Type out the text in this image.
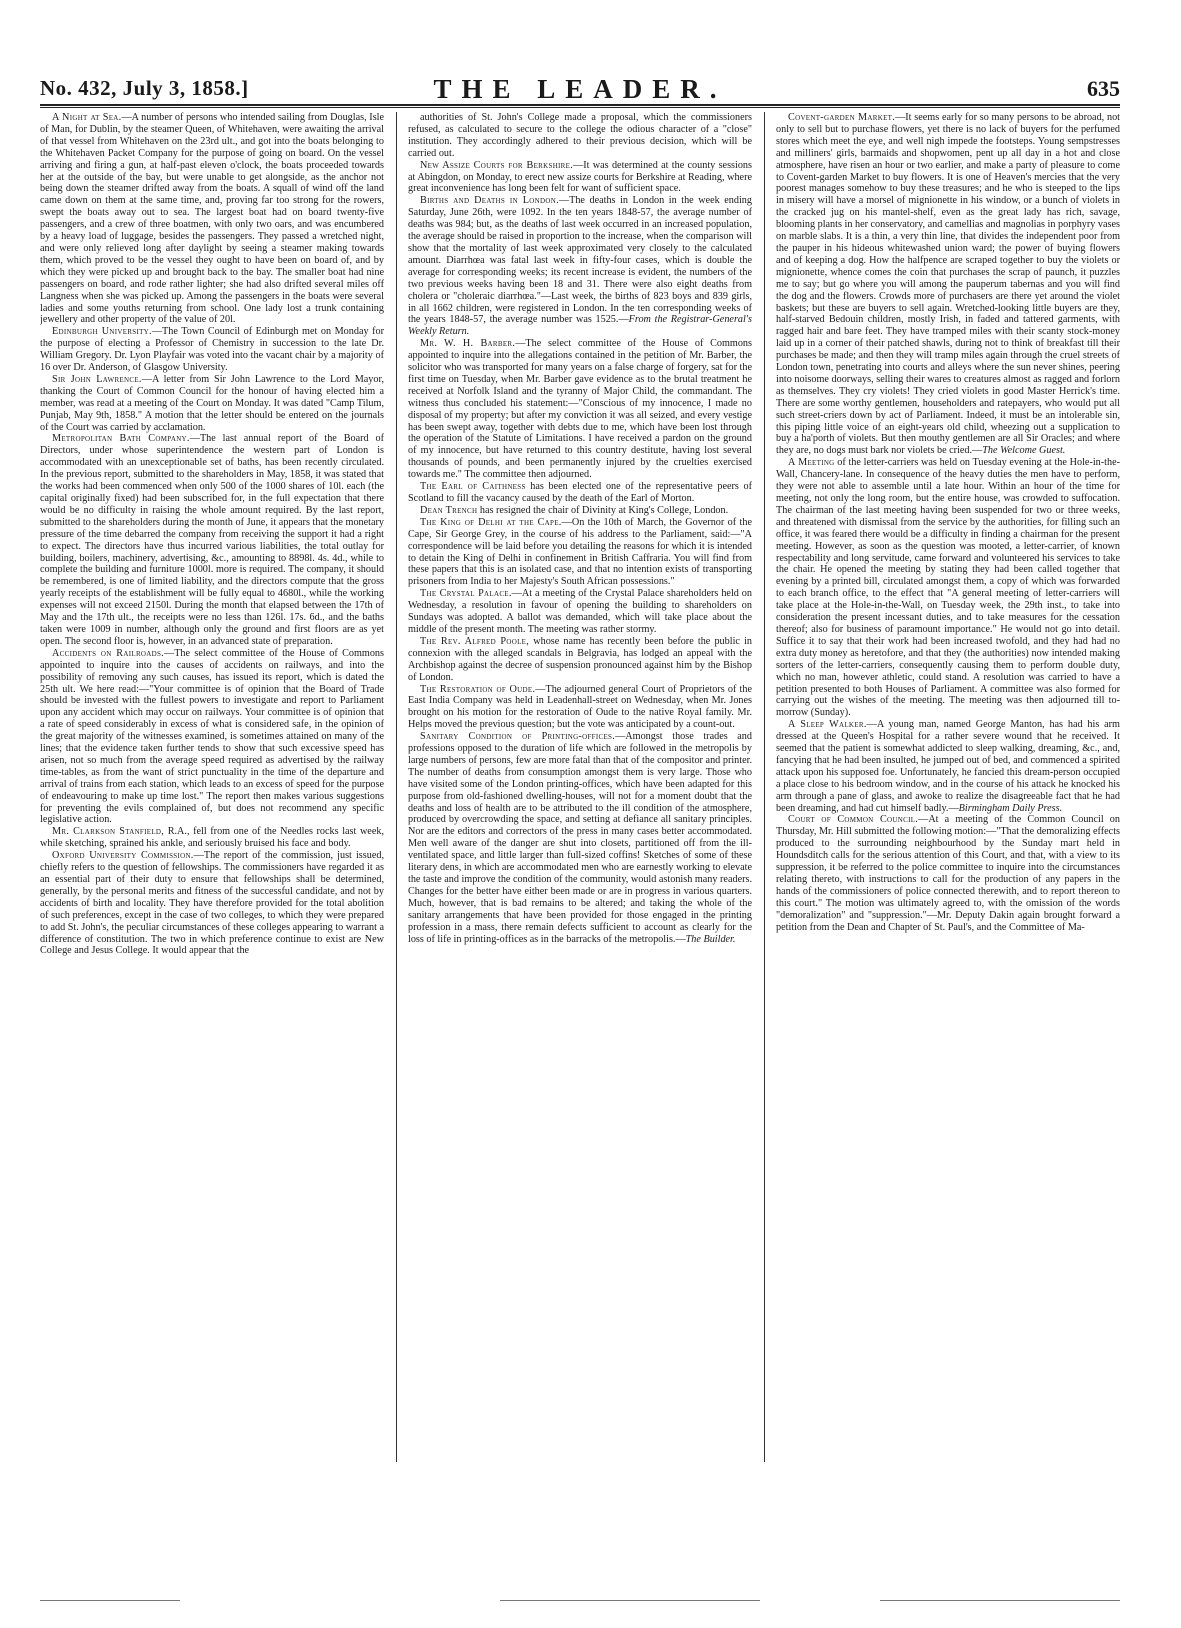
No. 432, July 3, 1858.]	THE LEADER.	635

A Night at Sea.—A number of persons who intended sailing from Douglas, Isle of Man, for Dublin, by the steamer Queen, of Whitehaven, were awaiting the arrival of that vessel from Whitehaven on the 23rd ult., and got into the boats belonging to the Whitehaven Packet Company for the purpose of going on board. On the vessel arriving and firing a gun, at half-past eleven o'clock, the boats proceeded towards her at the outside of the bay, but were unable to get alongside, as the anchor not being down the steamer drifted away from the boats. A squall of wind off the land came down on them at the same time, and, proving far too strong for the rowers, swept the boats away out to sea. The largest boat had on board twenty-five passengers, and a crew of three boatmen, with only two oars, and was encumbered by a heavy load of luggage, besides the passengers. They passed a wretched night, and were only relieved long after daylight by seeing a steamer making towards them, which proved to be the vessel they ought to have been on board of, and by which they were picked up and brought back to the bay. The smaller boat had nine passengers on board, and rode rather lighter; she had also drifted several miles off Langness when she was picked up. Among the passengers in the boats were several ladies and some youths returning from school. One lady lost a trunk containing jewellery and other property of the value of 20l.

Edinburgh University.—The Town Council of Edinburgh met on Monday for the purpose of electing a Professor of Chemistry in succession to the late Dr. William Gregory. Dr. Lyon Playfair was voted into the vacant chair by a majority of 16 over Dr. Anderson, of Glasgow University.

Sir John Lawrence.—A letter from Sir John Lawrence to the Lord Mayor, thanking the Court of Common Council for the honour of having elected him a member, was read at a meeting of the Court on Monday. It was dated "Camp Tilum, Punjab, May 9th, 1858." A motion that the letter should be entered on the journals of the Court was carried by acclamation.

Metropolitan Bath Company.—The last annual report of the Board of Directors, under whose superintendence the western part of London is accommodated with an unexceptionable set of baths, has been recently circulated. In the previous report, submitted to the shareholders in May, 1858, it was stated that the works had been commenced when only 500 of the 1000 shares of 10l. each (the capital originally fixed) had been subscribed for, in the full expectation that there would be no difficulty in raising the whole amount required. By the last report, submitted to the shareholders during the month of June, it appears that the monetary pressure of the time debarred the company from receiving the support it had a right to expect. The directors have thus incurred various liabilities, the total outlay for building, boilers, machinery, advertising, &c., amounting to 8898l. 4s. 4d., while to complete the building and furniture 1000l. more is required. The company, it should be remembered, is one of limited liability, and the directors compute that the gross yearly receipts of the establishment will be fully equal to 4680l., while the working expenses will not exceed 2150l. During the month that elapsed between the 17th of May and the 17th ult., the receipts were no less than 126l. 17s. 6d., and the baths taken were 1009 in number, although only the ground and first floors are as yet open. The second floor is, however, in an advanced state of preparation.

Accidents on Railroads.—The select committee of the House of Commons appointed to inquire into the causes of accidents on railways, and into the possibility of removing any such causes, has issued its report, which is dated the 25th ult. We here read:—"Your committee is of opinion that the Board of Trade should be invested with the fullest powers to investigate and report to Parliament upon any accident which may occur on railways. Your committee is of opinion that a rate of speed considerably in excess of what is considered safe, in the opinion of the great majority of the witnesses examined, is sometimes attained on many of the lines; that the evidence taken further tends to show that such excessive speed has arisen, not so much from the average speed required as advertised by the railway time-tables, as from the want of strict punctuality in the time of the departure and arrival of trains from each station, which leads to an excess of speed for the purpose of endeavouring to make up time lost." The report then makes various suggestions for preventing the evils complained of, but does not recommend any specific legislative action.

Mr. Clarkson Stanfield, R.A., fell from one of the Needles rocks last week, while sketching, sprained his ankle, and seriously bruised his face and body.

Oxford University Commission.—The report of the commission, just issued, chiefly refers to the question of fellowships. The commissioners have regarded it as an essential part of their duty to ensure that fellowships shall be determined, generally, by the personal merits and fitness of the successful candidate, and not by accidents of birth and locality. They have therefore provided for the total abolition of such preferences, except in the case of two colleges, to which they were prepared to add St. John's, the peculiar circumstances of these colleges appearing to warrant a difference of constitution. The two in which preference continue to exist are New College and Jesus College. It would appear that the

authorities of St. John's College made a proposal, which the commissioners refused, as calculated to secure to the college the odious character of a "close" institution. They accordingly adhered to their previous decision, which will be carried out.

New Assize Courts for Berkshire.—It was determined at the county sessions at Abingdon, on Monday, to erect new assize courts for Berkshire at Reading, where great inconvenience has long been felt for want of sufficient space.

Births and Deaths in London.—The deaths in London in the week ending Saturday, June 26th, were 1092. In the ten years 1848-57, the average number of deaths was 984; but, as the deaths of last week occurred in an increased population, the average should be raised in proportion to the increase, when the comparison will show that the mortality of last week approximated very closely to the calculated amount. Diarrhœa was fatal last week in fifty-four cases, which is double the average for corresponding weeks; its recent increase is evident, the numbers of the two previous weeks having been 18 and 31. There were also eight deaths from cholera or "choleraic diarrhœa."—Last week, the births of 823 boys and 839 girls, in all 1662 children, were registered in London. In the ten corresponding weeks of the years 1848-57, the average number was 1525.—From the Registrar-General's Weekly Return.

Mr. W. H. Barber.—The select committee of the House of Commons appointed to inquire into the allegations contained in the petition of Mr. Barber, the solicitor who was transported for many years on a false charge of forgery, sat for the first time on Tuesday, when Mr. Barber gave evidence as to the brutal treatment he received at Norfolk Island and the tyranny of Major Child, the commandant. The witness thus concluded his statement:—"Conscious of my innocence, I made no disposal of my property; but after my conviction it was all seized, and every vestige has been swept away, together with debts due to me, which have been lost through the operation of the Statute of Limitations. I have received a pardon on the ground of my innocence, but have returned to this country destitute, having lost several thousands of pounds, and been permanently injured by the cruelties exercised towards me." The committee then adjourned.

The Earl of Caithness has been elected one of the representative peers of Scotland to fill the vacancy caused by the death of the Earl of Morton.

Dean Trench has resigned the chair of Divinity at King's College, London.

The King of Delhi at the Cape.—On the 10th of March, the Governor of the Cape, Sir George Grey, in the course of his address to the Parliament, said:—"A correspondence will be laid before you detailing the reasons for which it is intended to detain the King of Delhi in confinement in British Caffraria. You will find from these papers that this is an isolated case, and that no intention exists of transporting prisoners from India to her Majesty's South African possessions."

The Crystal Palace.—At a meeting of the Crystal Palace shareholders held on Wednesday, a resolution in favour of opening the building to shareholders on Sundays was adopted. A ballot was demanded, which will take place about the middle of the present month. The meeting was rather stormy.

The Rev. Alfred Poole, whose name has recently been before the public in connexion with the alleged scandals in Belgravia, has lodged an appeal with the Archbishop against the decree of suspension pronounced against him by the Bishop of London.

The Restoration of Oude.—The adjourned general Court of Proprietors of the East India Company was held in Leadenhall-street on Wednesday, when Mr. Jones brought on his motion for the restoration of Oude to the native Royal family. Mr. Helps moved the previous question; but the vote was anticipated by a count-out.

Sanitary Condition of Printing-offices.—Amongst those trades and professions opposed to the duration of life which are followed in the metropolis by large numbers of persons, few are more fatal than that of the compositor and printer. The number of deaths from consumption amongst them is very large. Those who have visited some of the London printing-offices, which have been adapted for this purpose from old-fashioned dwelling-houses, will not for a moment doubt that the deaths and loss of health are to be attributed to the ill condition of the atmosphere, produced by overcrowding the space, and setting at defiance all sanitary principles. Nor are the editors and correctors of the press in many cases better accommodated. Men well aware of the danger are shut into closets, partitioned off from the ill-ventilated space, and little larger than full-sized coffins! Sketches of some of these literary dens, in which are accommodated men who are earnestly working to elevate the taste and improve the condition of the community, would astonish many readers. Changes for the better have either been made or are in progress in various quarters. Much, however, that is bad remains to be altered; and taking the whole of the sanitary arrangements that have been provided for those engaged in the printing profession in a mass, there remain defects sufficient to account as clearly for the loss of life in printing-offices as in the barracks of the metropolis.—The Builder.

Covent-garden Market.—It seems early for so many persons to be abroad, not only to sell but to purchase flowers, yet there is no lack of buyers for the perfumed stores which meet the eye, and well nigh impede the footsteps. Young sempstresses and milliners' girls, barmaids and shopwomen, pent up all day in a hot and close atmosphere, have risen an hour or two earlier, and make a party of pleasure to come to Covent-garden Market to buy flowers. It is one of Heaven's mercies that the very poorest manages somehow to buy these treasures; and he who is steeped to the lips in misery will have a morsel of mignionette in his window, or a bunch of violets in the cracked jug on his mantel-shelf, even as the great lady has rich, savage, blooming plants in her conservatory, and camellias and magnolias in porphyry vases on marble slabs. It is a thin, a very thin line, that divides the independent poor from the pauper in his hideous whitewashed union ward; the power of buying flowers and of keeping a dog. How the halfpence are scraped together to buy the violets or mignionette, whence comes the coin that purchases the scrap of paunch, it puzzles me to say; but go where you will among the pauperum tabernas and you will find the dog and the flowers. Crowds more of purchasers are there yet around the violet baskets; but these are buyers to sell again. Wretched-looking little buyers are they, half-starved Bedouin children, mostly Irish, in faded and tattered garments, with ragged hair and bare feet. They have tramped miles with their scanty stock-money laid up in a corner of their patched shawls, during not to think of breakfast till their purchases be made; and then they will tramp miles again through the cruel streets of London town, penetrating into courts and alleys where the sun never shines, peering into noisome doorways, selling their wares to creatures almost as ragged and forlorn as themselves. They cry violets! They cried violets in good Master Herrick's time. There are some worthy gentlemen, householders and ratepayers, who would put all such street-criers down by act of Parliament. Indeed, it must be an intolerable sin, this piping little voice of an eight-years old child, wheezing out a supplication to buy a ha'porth of violets. But then mouthy gentlemen are all Sir Oracles; and where they are, no dogs must bark nor violets be cried.—The Welcome Guest.

A Meeting of the letter-carriers was held on Tuesday evening at the Hole-in-the-Wall, Chancery-lane. In consequence of the heavy duties the men have to perform, they were not able to assemble until a late hour. Within an hour of the time for meeting, not only the long room, but the entire house, was crowded to suffocation. The chairman of the last meeting having been suspended for two or three weeks, and threatened with dismissal from the service by the authorities, for filling such an office, it was feared there would be a difficulty in finding a chairman for the present meeting. However, as soon as the question was mooted, a letter-carrier, of known respectability and long servitude, came forward and volunteered his services to take the chair. He opened the meeting by stating they had been called together that evening by a printed bill, circulated amongst them, a copy of which was forwarded to each branch office, to the effect that "A general meeting of letter-carriers will take place at the Hole-in-the-Wall, on Tuesday week, the 29th inst., to take into consideration the present incessant duties, and to take measures for the cessation thereof; also for business of paramount importance." He would not go into detail. Suffice it to say that their work had been increased twofold, and they had had no extra duty money as heretofore, and that they (the authorities) now intended making sorters of the letter-carriers, consequently causing them to perform double duty, which no man, however athletic, could stand. A resolution was carried to have a petition presented to both Houses of Parliament. A committee was also formed for carrying out the wishes of the meeting. The meeting was then adjourned till to-morrow (Sunday).

A Sleep Walker.—A young man, named George Manton, has had his arm dressed at the Queen's Hospital for a rather severe wound that he received. It seemed that the patient is somewhat addicted to sleep walking, dreaming, &c., and, fancying that he had been insulted, he jumped out of bed, and commenced a spirited attack upon his supposed foe. Unfortunately, he fancied this dream-person occupied a place close to his bedroom window, and in the course of his attack he knocked his arm through a pane of glass, and awoke to realize the disagreeable fact that he had been dreaming, and had cut himself badly.—Birmingham Daily Press.

Court of Common Council.—At a meeting of the Common Council on Thursday, Mr. Hill submitted the following motion:—"That the demoralizing effects produced to the surrounding neighbourhood by the Sunday mart held in Houndsditch calls for the serious attention of this Court, and that, with a view to its suppression, it be referred to the police committee to inquire into the circumstances relating thereto, with instructions to call for the production of any papers in the hands of the commissioners of police connected therewith, and to report thereon to this court." The motion was ultimately agreed to, with the omission of the words "demoralization" and "suppression."—Mr. Deputy Dakin again brought forward a petition from the Dean and Chapter of St. Paul's, and the Committee of Ma-
